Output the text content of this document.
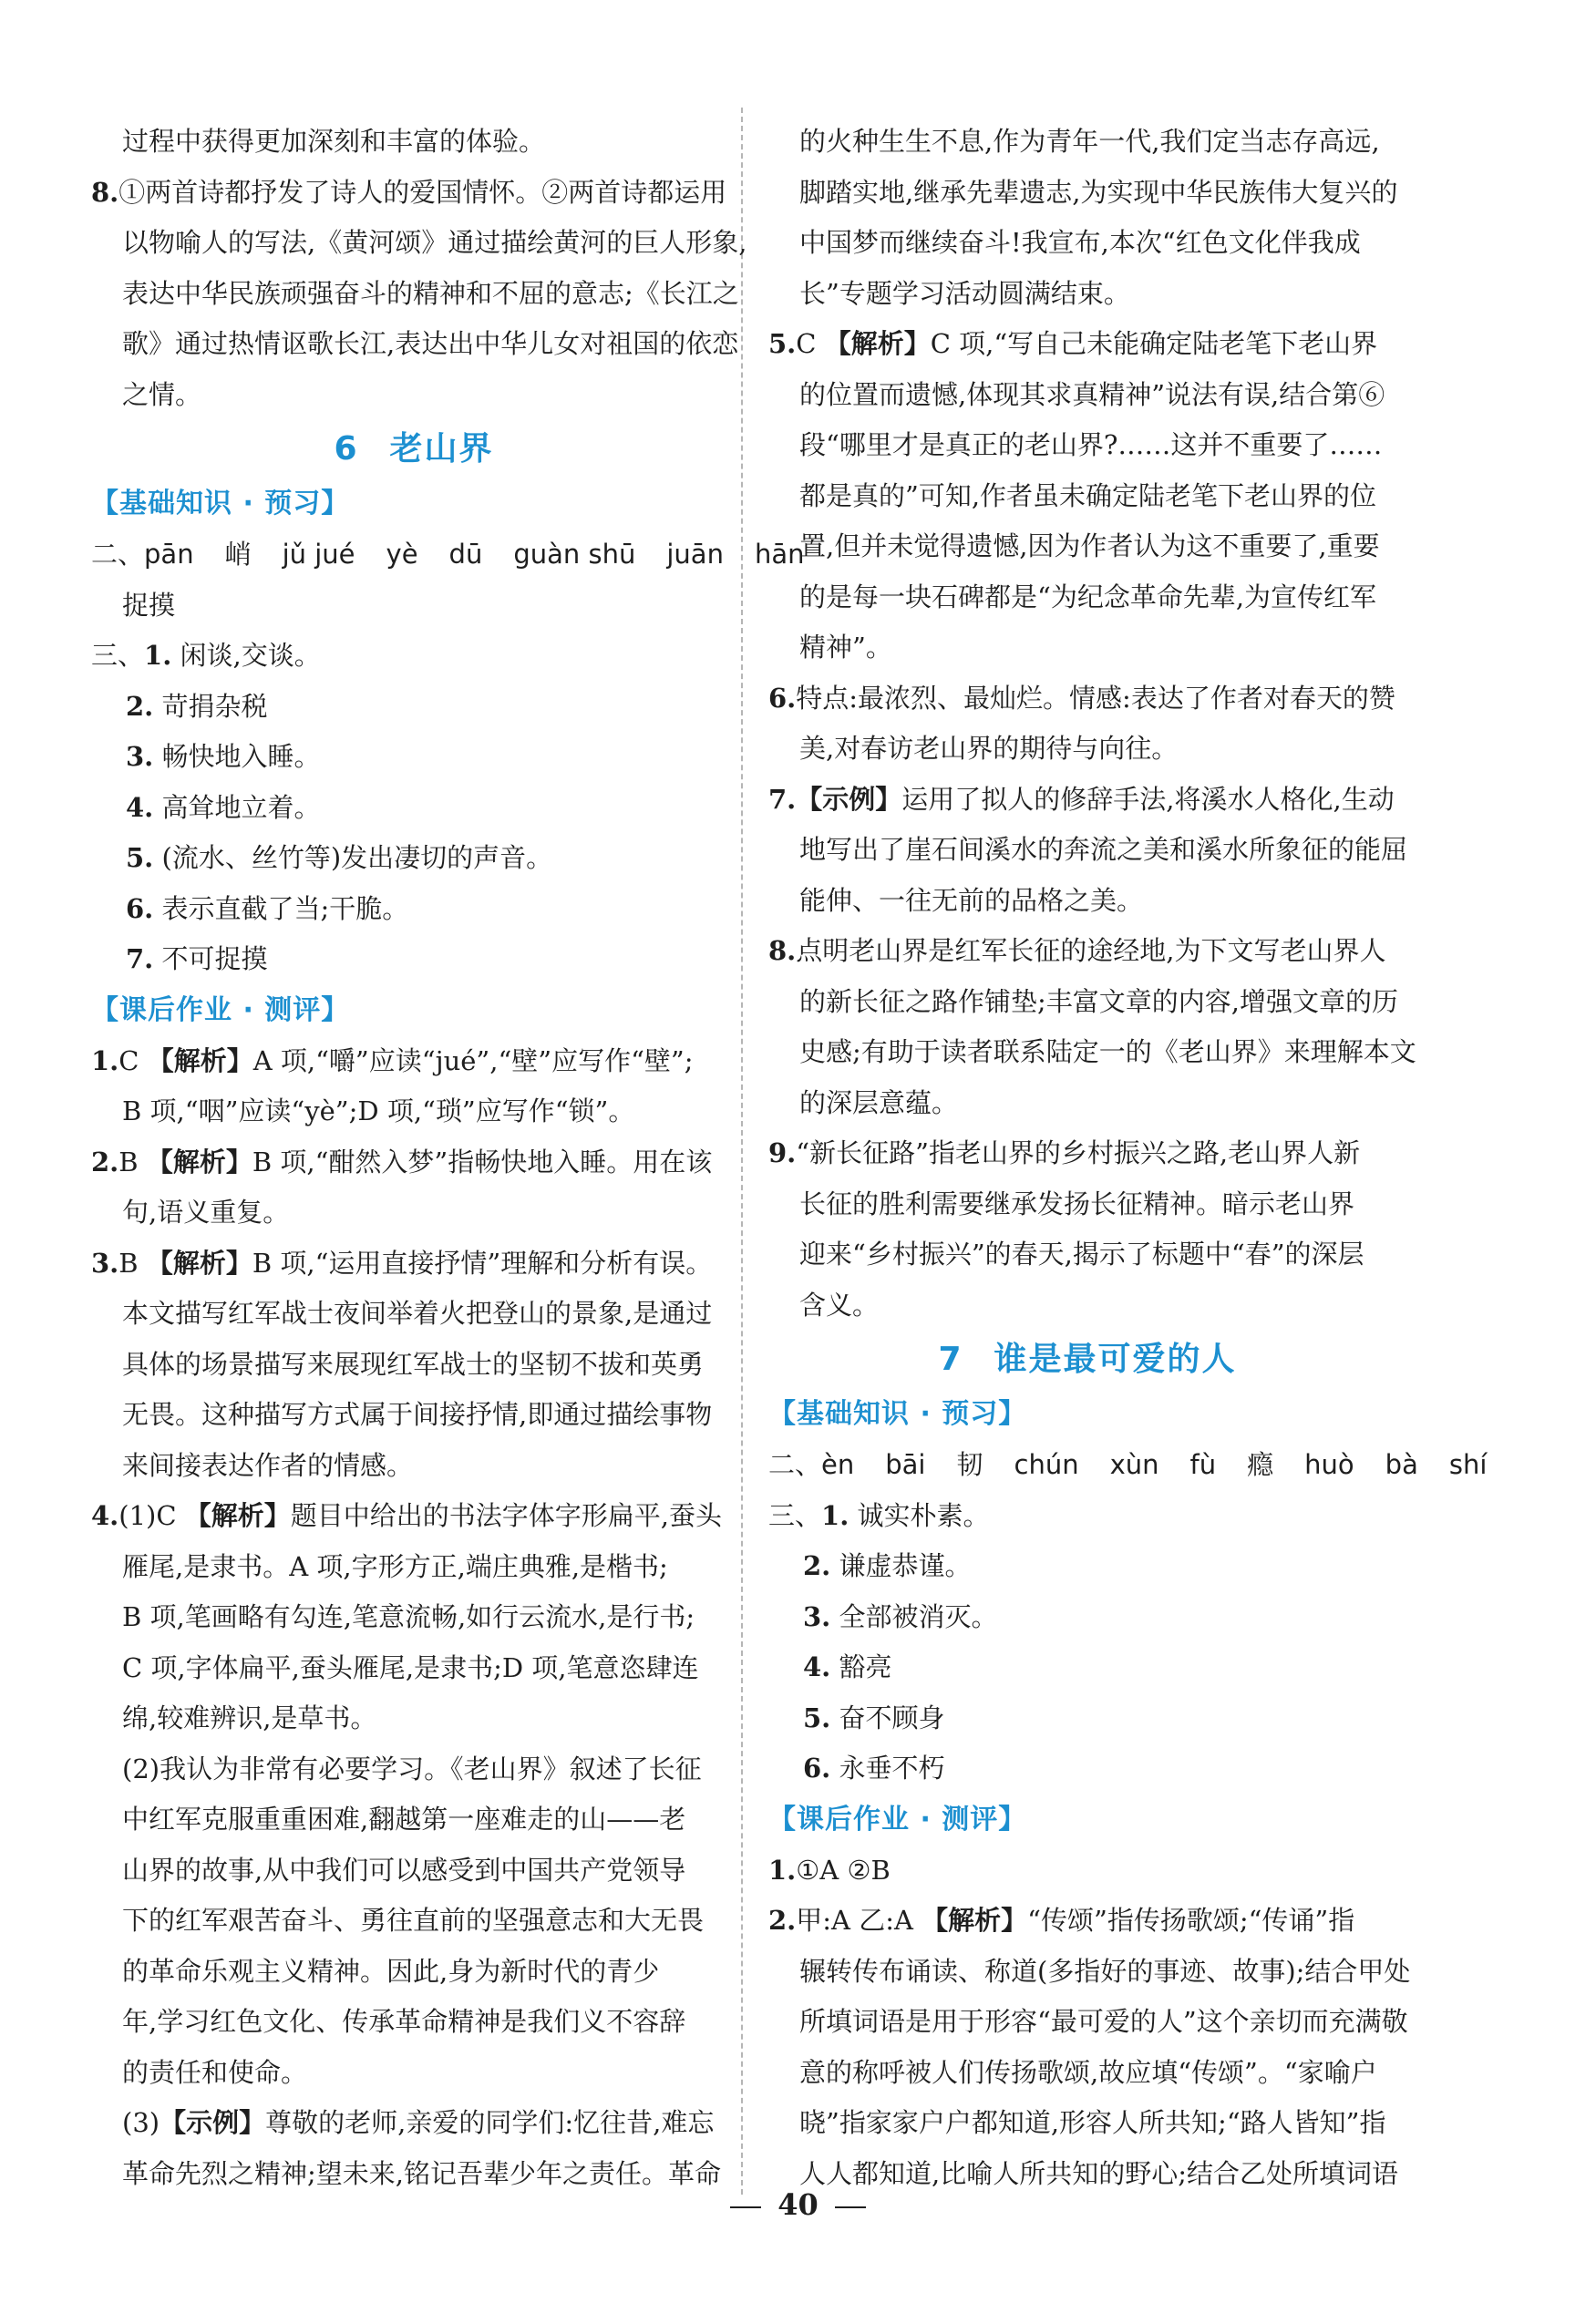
过程中获得更加深刻和丰富的体验。
8.①两首诗都抒发了诗人的爱国情怀。②两首诗都运用
以物喻人的写法,《黄河颂》通过描绘黄河的巨人形象,
表达中华民族顽强奋斗的精神和不屈的意志;《长江之
歌》通过热情讴歌长江,表达出中华儿女对祖国的依恋
之情。
6 老山界
【基础知识 · 预习】
二、pān 峭 jǔ jué yè dū guàn shū juān hān
捉摸
三、1. 闲谈,交谈。
2. 苛捐杂税
3. 畅快地入睡。
4. 高耸地立着。
5. (流水、丝竹等)发出凄切的声音。
6. 表示直截了当;干脆。
7. 不可捉摸
【课后作业 · 测评】
1.C 【解析】A 项,“嚼”应读“jué”,“壁”应写作“壁”;
B 项,“咽”应读“yè”;D 项,“琐”应写作“锁”。
2.B 【解析】B 项,“酣然入梦”指畅快地入睡。用在该
句,语义重复。
3.B 【解析】B 项,“运用直接抒情”理解和分析有误。
本文描写红军战士夜间举着火把登山的景象,是通过
具体的场景描写来展现红军战士的坚韧不拔和英勇
无畏。这种描写方式属于间接抒情,即通过描绘事物
来间接表达作者的情感。
4.(1)C 【解析】题目中给出的书法字体字形扁平,蚕头
雁尾,是隶书。A 项,字形方正,端庄典雅,是楷书;
B 项,笔画略有勾连,笔意流畅,如行云流水,是行书;
C 项,字体扁平,蚕头雁尾,是隶书;D 项,笔意恣肆连
绵,较难辨识,是草书。
(2)我认为非常有必要学习。《老山界》叙述了长征
中红军克服重重困难,翻越第一座难走的山——老
山界的故事,从中我们可以感受到中国共产党领导
下的红军艰苦奋斗、勇往直前的坚强意志和大无畏
的革命乐观主义精神。因此,身为新时代的青少
年,学习红色文化、传承革命精神是我们义不容辞
的责任和使命。
(3)【示例】尊敬的老师,亲爱的同学们:忆往昔,难忘
革命先烈之精神;望未来,铭记吾辈少年之责任。革命
的火种生生不息,作为青年一代,我们定当志存高远,
脚踏实地,继承先辈遗志,为实现中华民族伟大复兴的
中国梦而继续奋斗!我宣布,本次“红色文化伴我成
长”专题学习活动圆满结束。
5.C 【解析】C 项,“写自己未能确定陆老笔下老山界
的位置而遗憾,体现其求真精神”说法有误,结合第⑥
段“哪里才是真正的老山界?……这并不重要了……
都是真的”可知,作者虽未确定陆老笔下老山界的位
置,但并未觉得遗憾,因为作者认为这不重要了,重要
的是每一块石碑都是“为纪念革命先辈,为宣传红军
精神”。
6.特点:最浓烈、最灿烂。情感:表达了作者对春天的赞
美,对春访老山界的期待与向往。
7.【示例】运用了拟人的修辞手法,将溪水人格化,生动
地写出了崖石间溪水的奔流之美和溪水所象征的能屈
能伸、一往无前的品格之美。
8.点明老山界是红军长征的途经地,为下文写老山界人
的新长征之路作铺垫;丰富文章的内容,增强文章的历
史感;有助于读者联系陆定一的《老山界》来理解本文
的深层意蕴。
9.“新长征路”指老山界的乡村振兴之路,老山界人新
长征的胜利需要继承发扬长征精神。暗示老山界
迎来“乡村振兴”的春天,揭示了标题中“春”的深层
含义。
7 谁是最可爱的人
【基础知识 · 预习】
二、èn bāi 韧 chún xùn fù 瘾 huò bà shí
三、1. 诚实朴素。
2. 谦虚恭谨。
3. 全部被消灭。
4. 豁亮
5. 奋不顾身
6. 永垂不朽
【课后作业 · 测评】
1.①A ②B
2.甲:A 乙:A 【解析】“传颂”指传扬歌颂;“传诵”指
辗转传布诵读、称道(多指好的事迹、故事);结合甲处
所填词语是用于形容“最可爱的人”这个亲切而充满敬
意的称呼被人们传扬歌颂,故应填“传颂”。“家喻户
晓”指家家户户都知道,形容人所共知;“路人皆知”指
人人都知道,比喻人所共知的野心;结合乙处所填词语
40
